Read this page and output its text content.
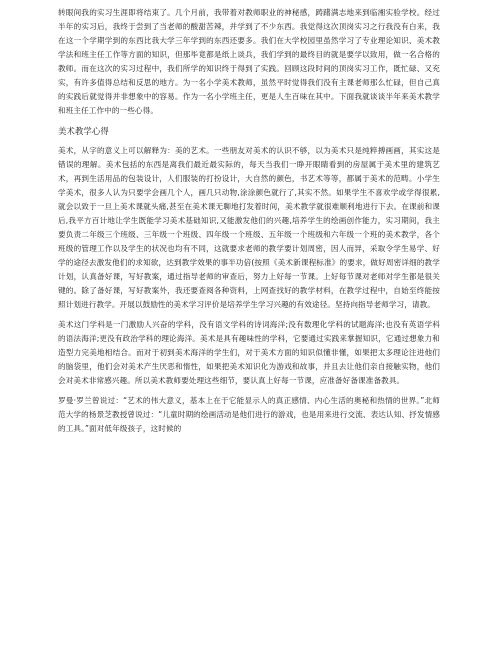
转眼间我的实习生涯即将结束了。几个月前，我带着对教师职业的神秘感，踌躇满志地来到临湘实验学校。经过半年的实习后，我终于尝到了当老师的酸甜苦辣，并学到了不少东西。我觉得这次顶岗实习之行我没有白来，我在这一个学期学到的东西比我大学三年学到的东西还要多。我们在大学校园里虽然学习了专业理论知识、美术教学法和班主任工作等方面的知识，但那毕竟都是纸上谈兵，我们学到的最终目的就是要学以致用，做一名合格的教师。而在这次的实习过程中，我们所学的知识终于得到了实践。回顾这段时间的顶岗实习工作，既忙碌、又充实，有许多值得总结和反思的地方。为一名小学美术教师，虽然平时觉得我们没有主课老师那么忙碌，但自己真的实践后就觉得并非想象中的容易。作为一名小学班主任，更是人生百味在其中。下面我就谈谈半年来美术教学和班主任工作中的一些心得。

美术教学心得

美术，从字的意义上可以解释为：美的艺术。一些朋友对美术的认识不够，以为美术只是纯粹搏画画，其实这是错误的理解。美术包括的东西是离我们最近最实际的，每天当我们一睁开眼睛看到的房屋属于美术里的建筑艺术，再到生活用品的包装设计，人们服装的打扮设计，大自然的颜色，书艺术等等，都属于美术的范畴。小学生学美术，很多人认为只要学会画几个人，画几只动物,涂涂颜色就行了,其实不然。如果学生不喜欢学或学得很累,就会以致于一旦上美术课就头痛,甚至在美术课无聊地打发着时间，美术教学就很难顺利地进行下去。在课前和课后,我平方百计地让学生既能学习美术基础知识,又能激发他们的兴趣,培养学生的绘画创作能力，实习期间，我主要负责二年级三个班级、三年级一个班级、四年级一个班级、五年级一个班级和六年级一个班的美术教学，各个班级的管理工作以及学生的状况也均有不同，这就要求老师的教学要计划周密，因人而异，采取令学生易学、好学的途径去激发他们的求知欲，达到教学效果的事半功倍(按照《美术新课程标准》的要求，做好周密详细的教学计划，认真备好课，写好教案，通过指导老师的审查后，努力上好每一节课。上好每节课对老师对学生都是很关键的。除了备好课，写好教案外，我还要查阅各种资料，上网查找好的教学材料，在教学过程中，自始至终能按照计划进行教学。开展以鼓励性的美术学习评价是培养学生学习兴趣的有效途径。坚持向指导老师学习，请教。

美术这门学科是一门激励人兴奋的学科，没有语文学科的诗词海洋;没有数理化学科的试题海洋;也没有英语学科的语法海洋;更没有政治学科的理论海洋。美术是具有趣味性的学科，它要通过实践来掌握知识，它通过想象力和造型力完美地相结合。而对于初到美术海洋的学生们，对于美术方面的知识似懂非懂，如果把太多理论注进他们的脑袋里，他们会对美术产生厌恶和惰性，如果把美术知识化为游戏和故事，并且去让他们亲自接触实物，他们会对美术非常感兴趣。所以美术教师要处理这些细节，要认真上好每一节课，应准备好备课准备教具。

罗曼·罗兰曾说过：“艺术的伟大意义，基本上在于它能显示人的真正感情、内心生活的奥秘和热情的世界。”北师范大学的杨景芝教授曾说过：“儿童时期的绘画活动是他们进行的游戏，也是用来进行交流、表达认知、抒发情感的工具。”面对低年级孩子，这时候的
